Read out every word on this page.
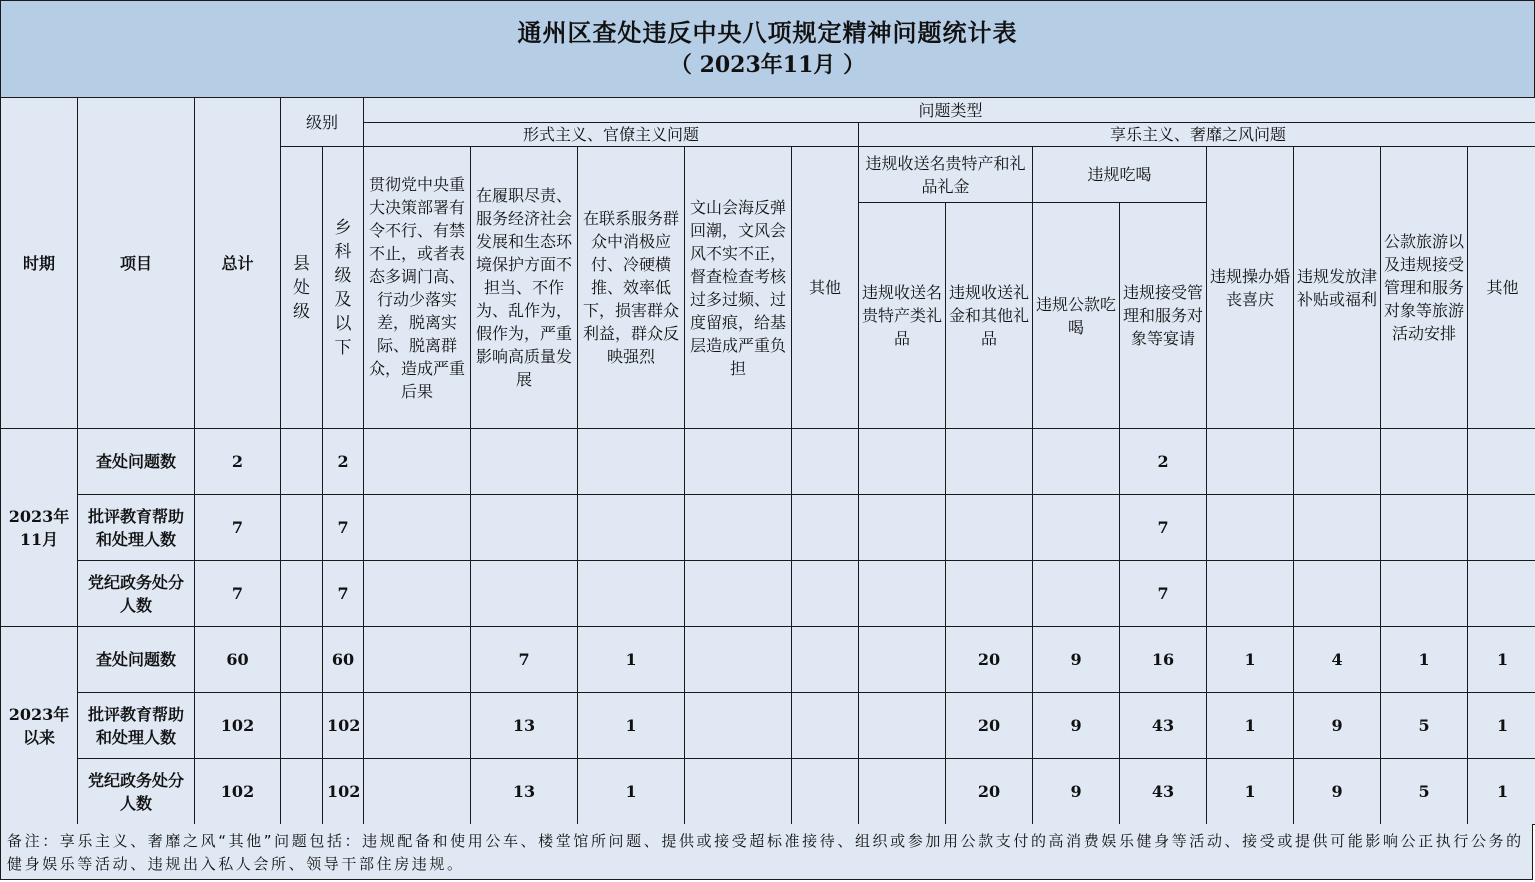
通州区查处违反中央八项规定精神问题统计表
（ 2023年11月 ）
时期	项目	总计	级别		问题类型												
					形式主义、官僚主义问题					享乐主义、奢靡之风问题							

			县处级	乡科级及以下	贯彻党中央重大决策部署有令不行、有禁不止，或者表态多调门高、行动少落实差，脱离实际、脱离群众，造成严重后果	在履职尽责、服务经济社会发展和生态环境保护方面不担当、不作为、乱作为，假作为，严重影响高质量发展	在联系服务群众中消极应付、冷硬横推、效率低下，损害群众利益，群众反映强烈	文山会海反弹回潮，文风会风不实不正，督查检查考核过多过频、过度留痕，给基层造成严重负担	其他	违规收送名贵特产和礼品礼金		违规吃喝		违规操办婚丧喜庆	违规发放津补贴或福利	公款旅游以及违规接受管理和服务对象等旅游活动安排	其他
										违规收送名贵特产类礼品	违规收送礼金和其他礼品	违规公款吃喝	违规接受管理和服务对象等宴请				

2023年11月	查处问题数	2		2									2				
	批评教育帮助和处理人数	7		7									7				
	党纪政务处分人数	7		7									7				
2023年以来	查处问题数	60		60		7	1				20	9	16	1	4	1	1
	批评教育帮助和处理人数	102		102		13	1				20	9	43	1	9	5	1
	党纪政务处分人数	102		102		13	1				20	9	43	1	9	5	1
备注：享乐主义、奢靡之风“其他”问题包括：违规配备和使用公车、楼堂馆所问题、提供或接受超标准接待、组织或参加用公款支付的高消费娱乐健身等活动、接受或提供可能影响公正执行公务的健身娱乐等活动、违规出入私人会所、领导干部住房违规。
